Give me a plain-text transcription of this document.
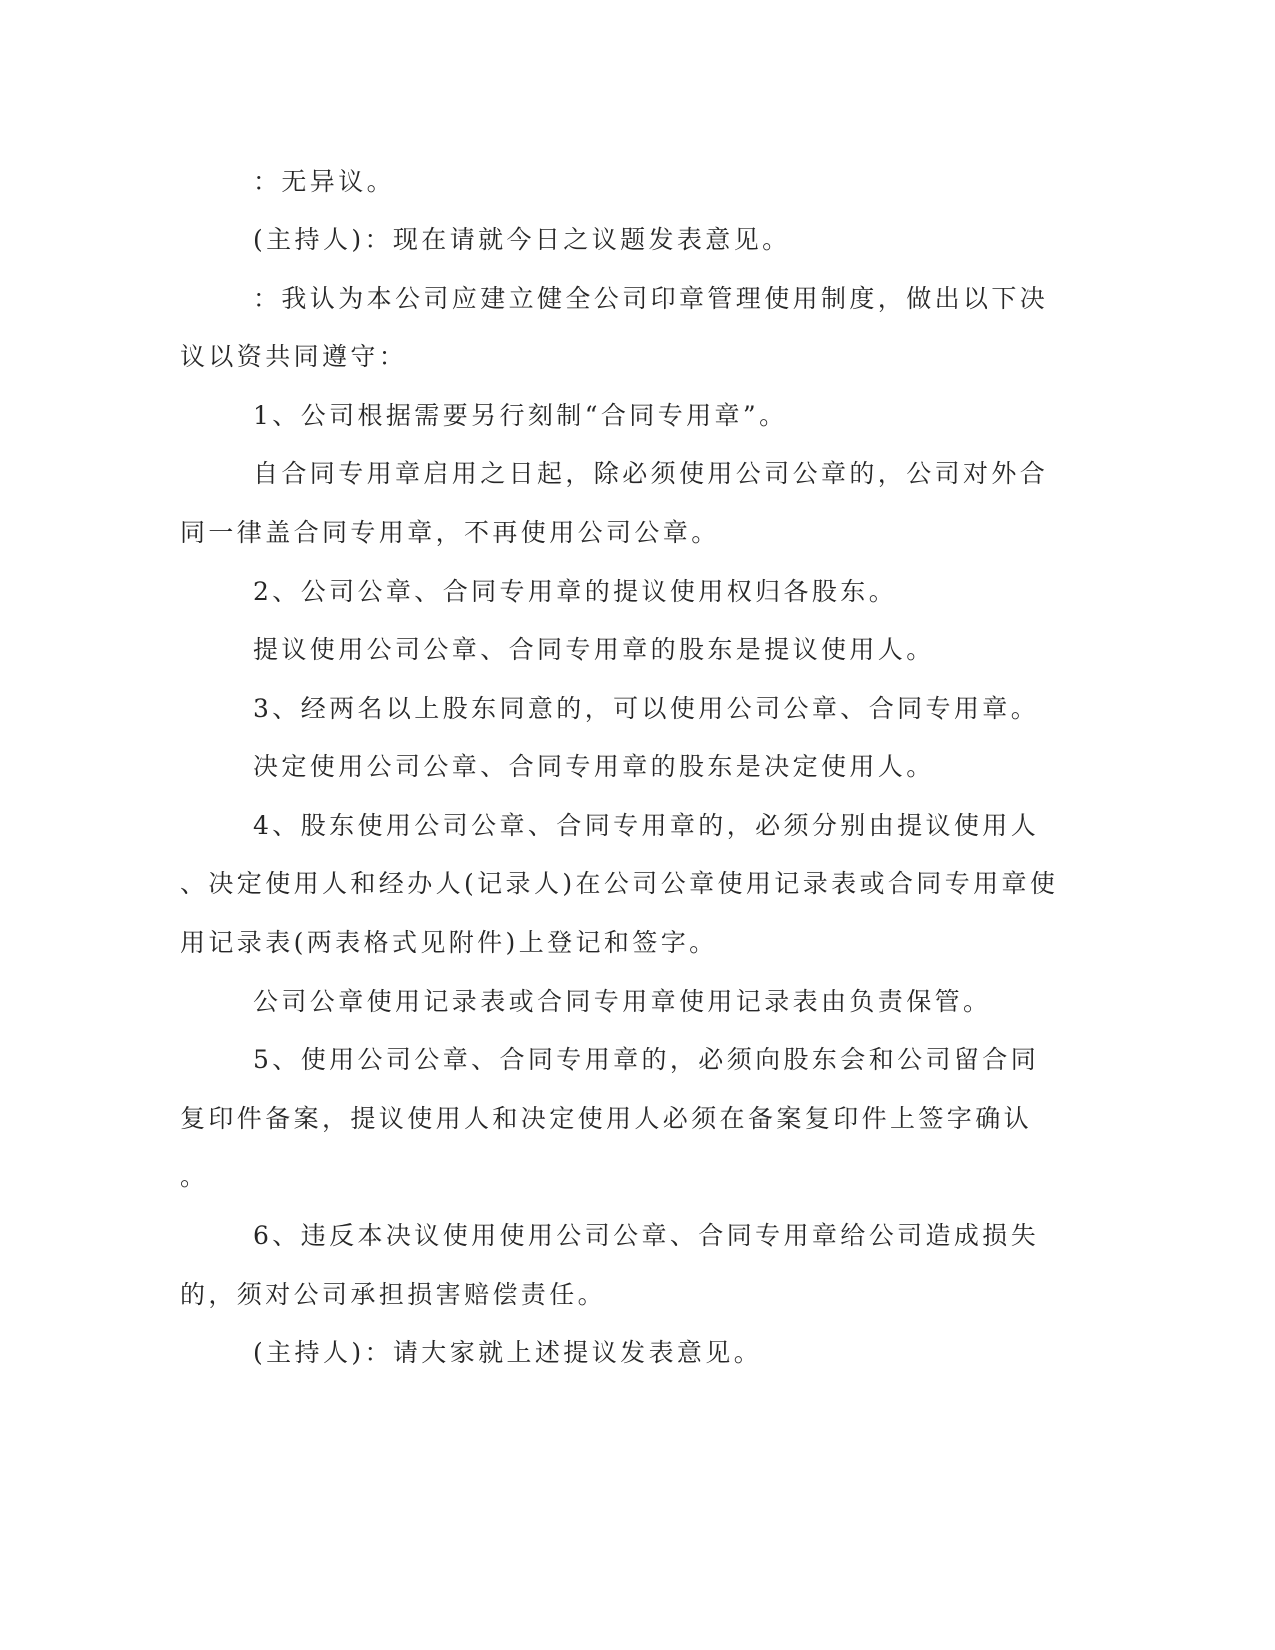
：无异议。
(主持人)：现在请就今日之议题发表意见。
：我认为本公司应建立健全公司印章管理使用制度，做出以下决
议以资共同遵守：
1、公司根据需要另行刻制“合同专用章”。
自合同专用章启用之日起，除必须使用公司公章的，公司对外合
同一律盖合同专用章，不再使用公司公章。
2、公司公章、合同专用章的提议使用权归各股东。
提议使用公司公章、合同专用章的股东是提议使用人。
3、经两名以上股东同意的，可以使用公司公章、合同专用章。
决定使用公司公章、合同专用章的股东是决定使用人。
4、股东使用公司公章、合同专用章的，必须分别由提议使用人
、决定使用人和经办人(记录人)在公司公章使用记录表或合同专用章使
用记录表(两表格式见附件)上登记和签字。
公司公章使用记录表或合同专用章使用记录表由负责保管。
5、使用公司公章、合同专用章的，必须向股东会和公司留合同
复印件备案，提议使用人和决定使用人必须在备案复印件上签字确认
。
6、违反本决议使用使用公司公章、合同专用章给公司造成损失
的，须对公司承担损害赔偿责任。
(主持人)：请大家就上述提议发表意见。
